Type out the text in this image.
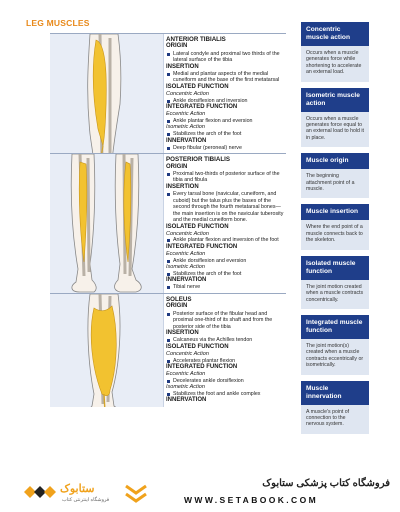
LEG MUSCLES
ANTERIOR TIBIALIS
ORIGIN
Lateral condyle and proximal two thirds of the lateral surface of the tibia
INSERTION
Medial and plantar aspects of the medial cuneiform and the base of the first metatarsal
ISOLATED FUNCTION
Concentric Action
Ankle dorsiflexion and inversion
INTEGRATED FUNCTION
Eccentric Action
Ankle plantar flexion and eversion
Isometric Action
Stabilizes the arch of the foot
INNERVATION
Deep fibular (peroneal) nerve
POSTERIOR TIBIALIS
ORIGIN
Proximal two-thirds of posterior surface of the tibia and fibula
INSERTION
Every tarsal bone (navicular, cuneiform, and cuboid) but the talus plus the bases of the second through the fourth metatarsal bones—the main insertion is on the navicular tuberosity and the medial cuneiform bone.
ISOLATED FUNCTION
Concentric Action
Ankle plantar flexion and inversion of the foot
INTEGRATED FUNCTION
Eccentric Action
Ankle dorsiflexion and eversion
Isometric Action
Stabilizes the arch of the foot
INNERVATION
Tibial nerve
SOLEUS
ORIGIN
Posterior surface of the fibular head and proximal one-third of its shaft and from the posterior side of the tibia
INSERTION
Calcaneus via the Achilles tendon
ISOLATED FUNCTION
Concentric Action
Accelerates plantar flexion
INTEGRATED FUNCTION
Eccentric Action
Decelerates ankle dorsiflexion
Isometric Action
Stabilizes the foot and ankle complex
INNERVATION
Concentric muscle action
Occurs when a muscle generates force while shortening to accelerate an external load.
Isometric muscle action
Occurs when a muscle generates force equal to an external load to hold it in place.
Muscle origin
The beginning attachment point of a muscle.
Muscle insertion
Where the end point of a muscle connects back to the skeleton.
Isolated muscle function
The joint motion created when a muscle contracts concentrically.
Integrated muscle function
The joint motion(s) created when a muscle contracts eccentrically or isometrically.
Muscle innervation
A muscle's point of connection to the nervous system.
ستابوک
فروشگاه اینترنتی کتاب
فروشگاه کتاب پزشکی ستابوک
WWW.SETABOOK.COM
